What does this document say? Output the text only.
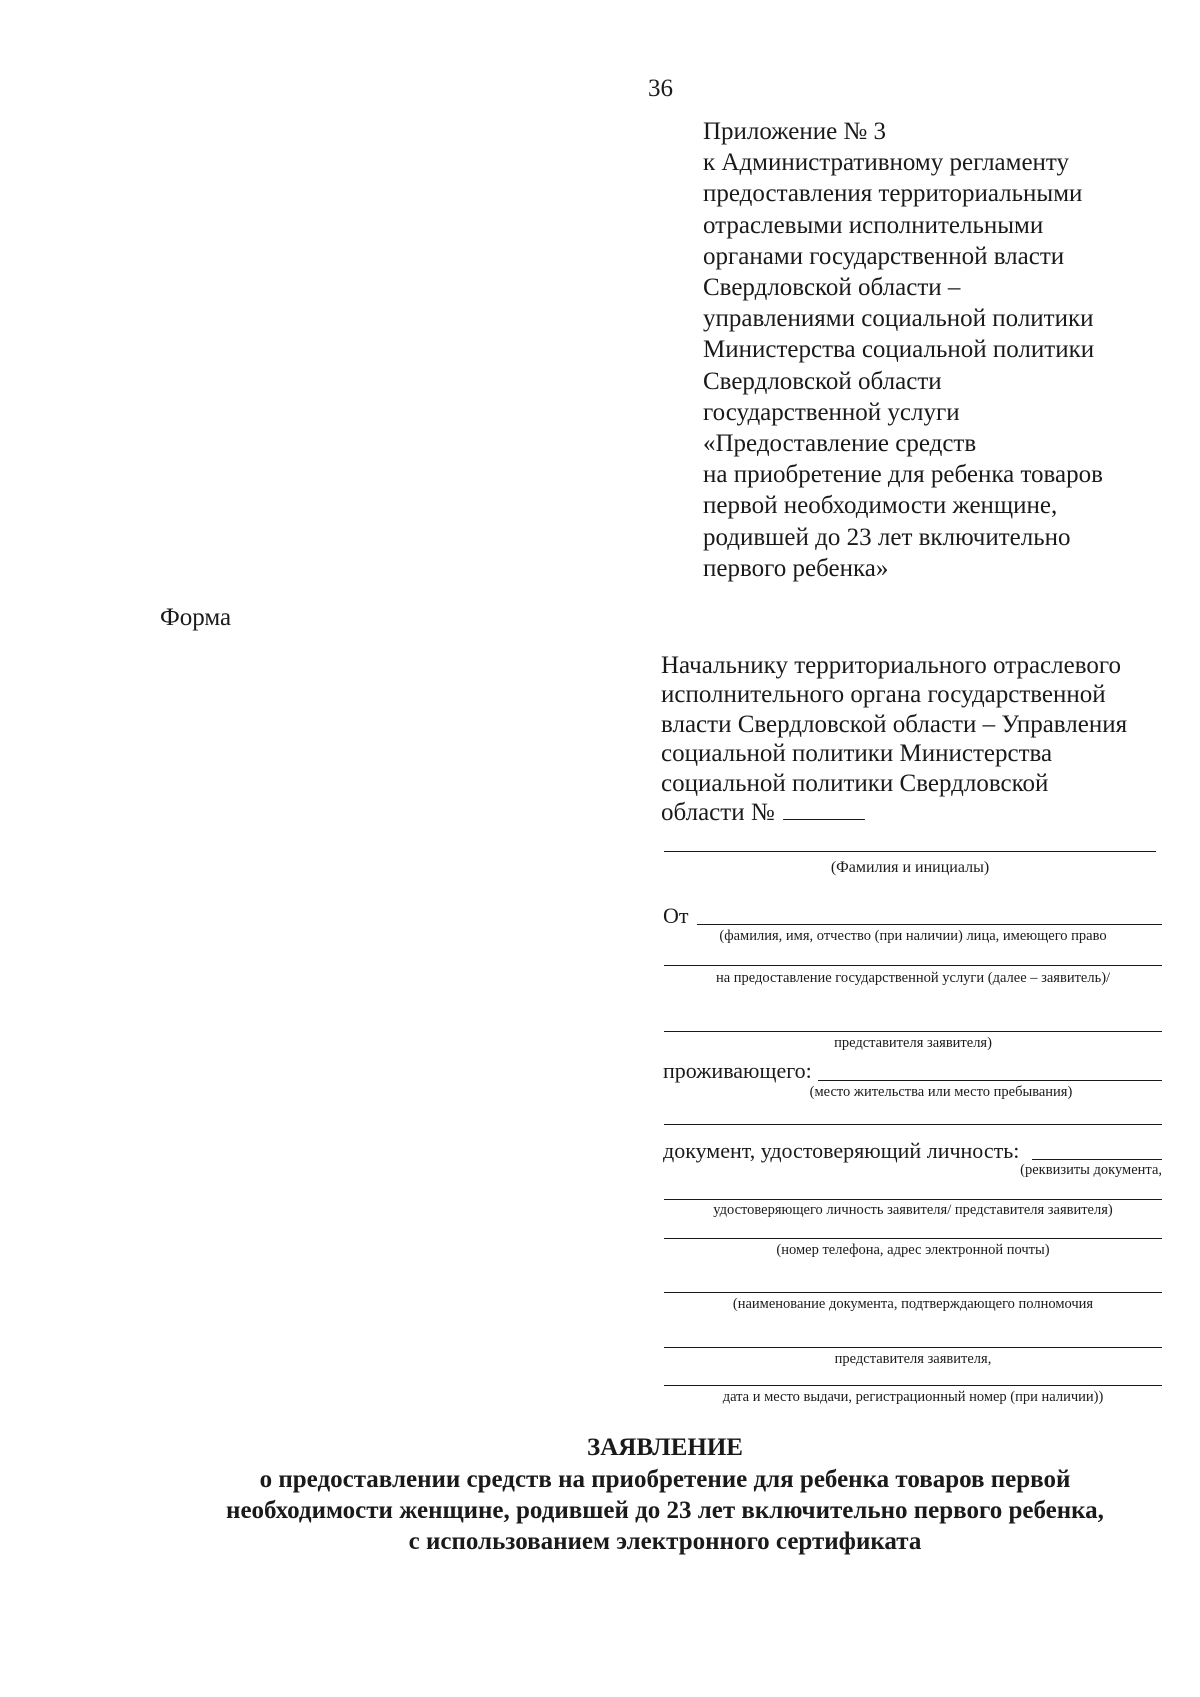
36
Приложение № 3
к Административному регламенту
предоставления территориальными
отраслевыми исполнительными
органами государственной власти
Свердловской области –
управлениями социальной политики
Министерства социальной политики
Свердловской области
государственной услуги
«Предоставление средств
на приобретение для ребенка товаров
первой необходимости женщине,
родившей до 23 лет включительно
первого ребенка»
Форма
Начальнику территориального отраслевого
исполнительного органа государственной
власти Свердловской области – Управления
социальной политики Министерства
социальной политики Свердловской
области №
(Фамилия и инициалы)
От
(фамилия, имя, отчество (при наличии) лица, имеющего право
на предоставление государственной услуги (далее – заявитель)/
представителя заявителя)
проживающего:
(место жительства или место пребывания)
документ, удостоверяющий личность:
(реквизиты документа,
удостоверяющего личность заявителя/ представителя заявителя)
(номер телефона, адрес электронной почты)
(наименование документа, подтверждающего полномочия
представителя заявителя,
дата и место выдачи, регистрационный номер (при наличии))
ЗАЯВЛЕНИЕ
о предоставлении средств на приобретение для ребенка товаров первой
необходимости женщине, родившей до 23 лет включительно первого ребенка,
с использованием электронного сертификата
